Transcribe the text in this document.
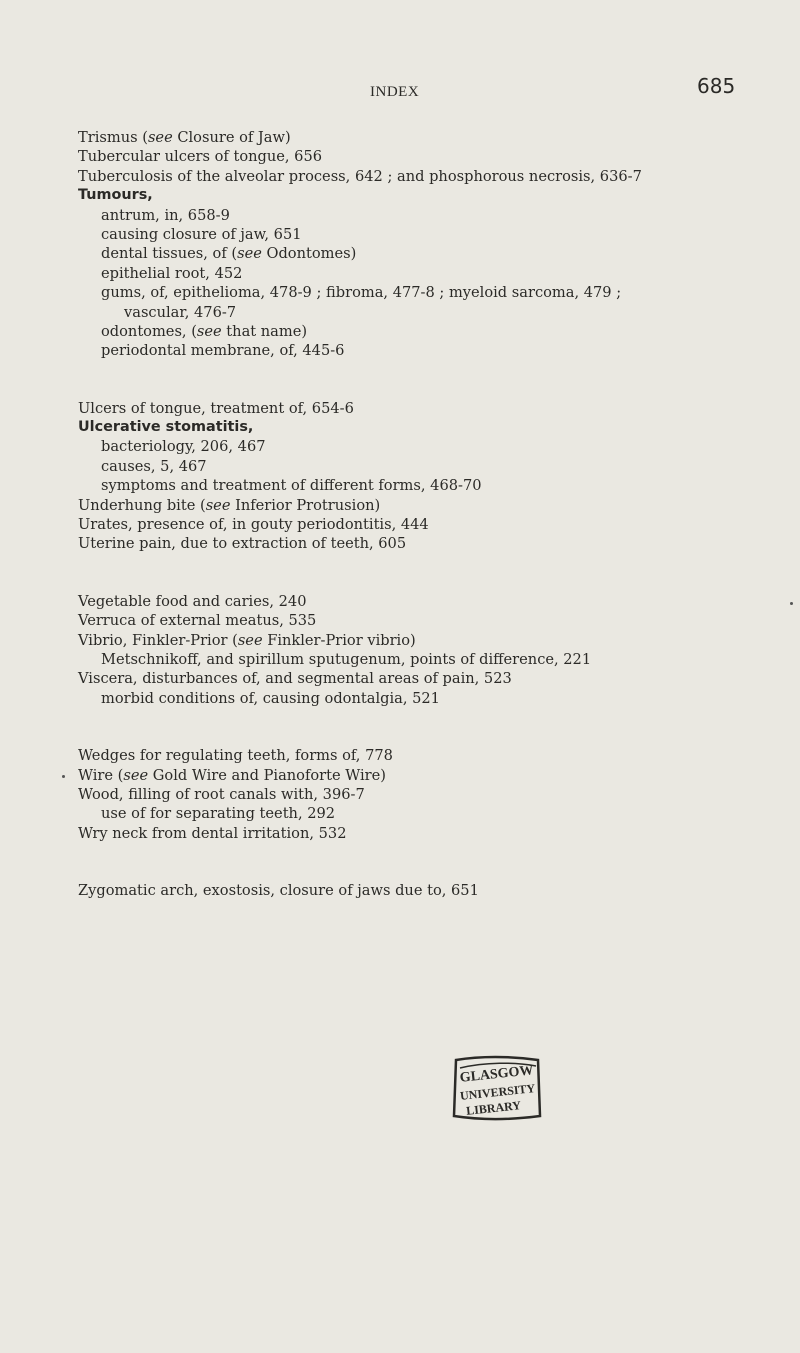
INDEX	685
Trismus (see Closure of Jaw)
Tubercular ulcers of tongue, 656
Tuberculosis of the alveolar process, 642 ; and phosphorous necrosis, 636-7
Tumours,
antrum, in, 658-9
causing closure of jaw, 651
dental tissues, of (see Odontomes)
epithelial root, 452
gums, of, epithelioma, 478-9 ; fibroma, 477-8 ; myeloid sarcoma, 479 ;
vascular, 476-7
odontomes, (see that name)
periodontal membrane, of, 445-6
Ulcers of tongue, treatment of, 654-6
Ulcerative stomatitis,
bacteriology, 206, 467
causes, 5, 467
symptoms and treatment of different forms, 468-70
Underhung bite (see Inferior Protrusion)
Urates, presence of, in gouty periodontitis, 444
Uterine pain, due to extraction of teeth, 605
Vegetable food and caries, 240
Verruca of external meatus, 535
Vibrio, Finkler-Prior (see Finkler-Prior vibrio)
Metschnikoff, and spirillum sputugenum, points of difference, 221
Viscera, disturbances of, and segmental areas of pain, 523
morbid conditions of, causing odontalgia, 521
Wedges for regulating teeth, forms of, 778
Wire (see Gold Wire and Pianoforte Wire)
Wood, filling of root canals with, 396-7
use of for separating teeth, 292
Wry neck from dental irritation, 532
Zygomatic arch, exostosis, closure of jaws due to, 651
GLASGOW
UNIVERSITY
LIBRARY
